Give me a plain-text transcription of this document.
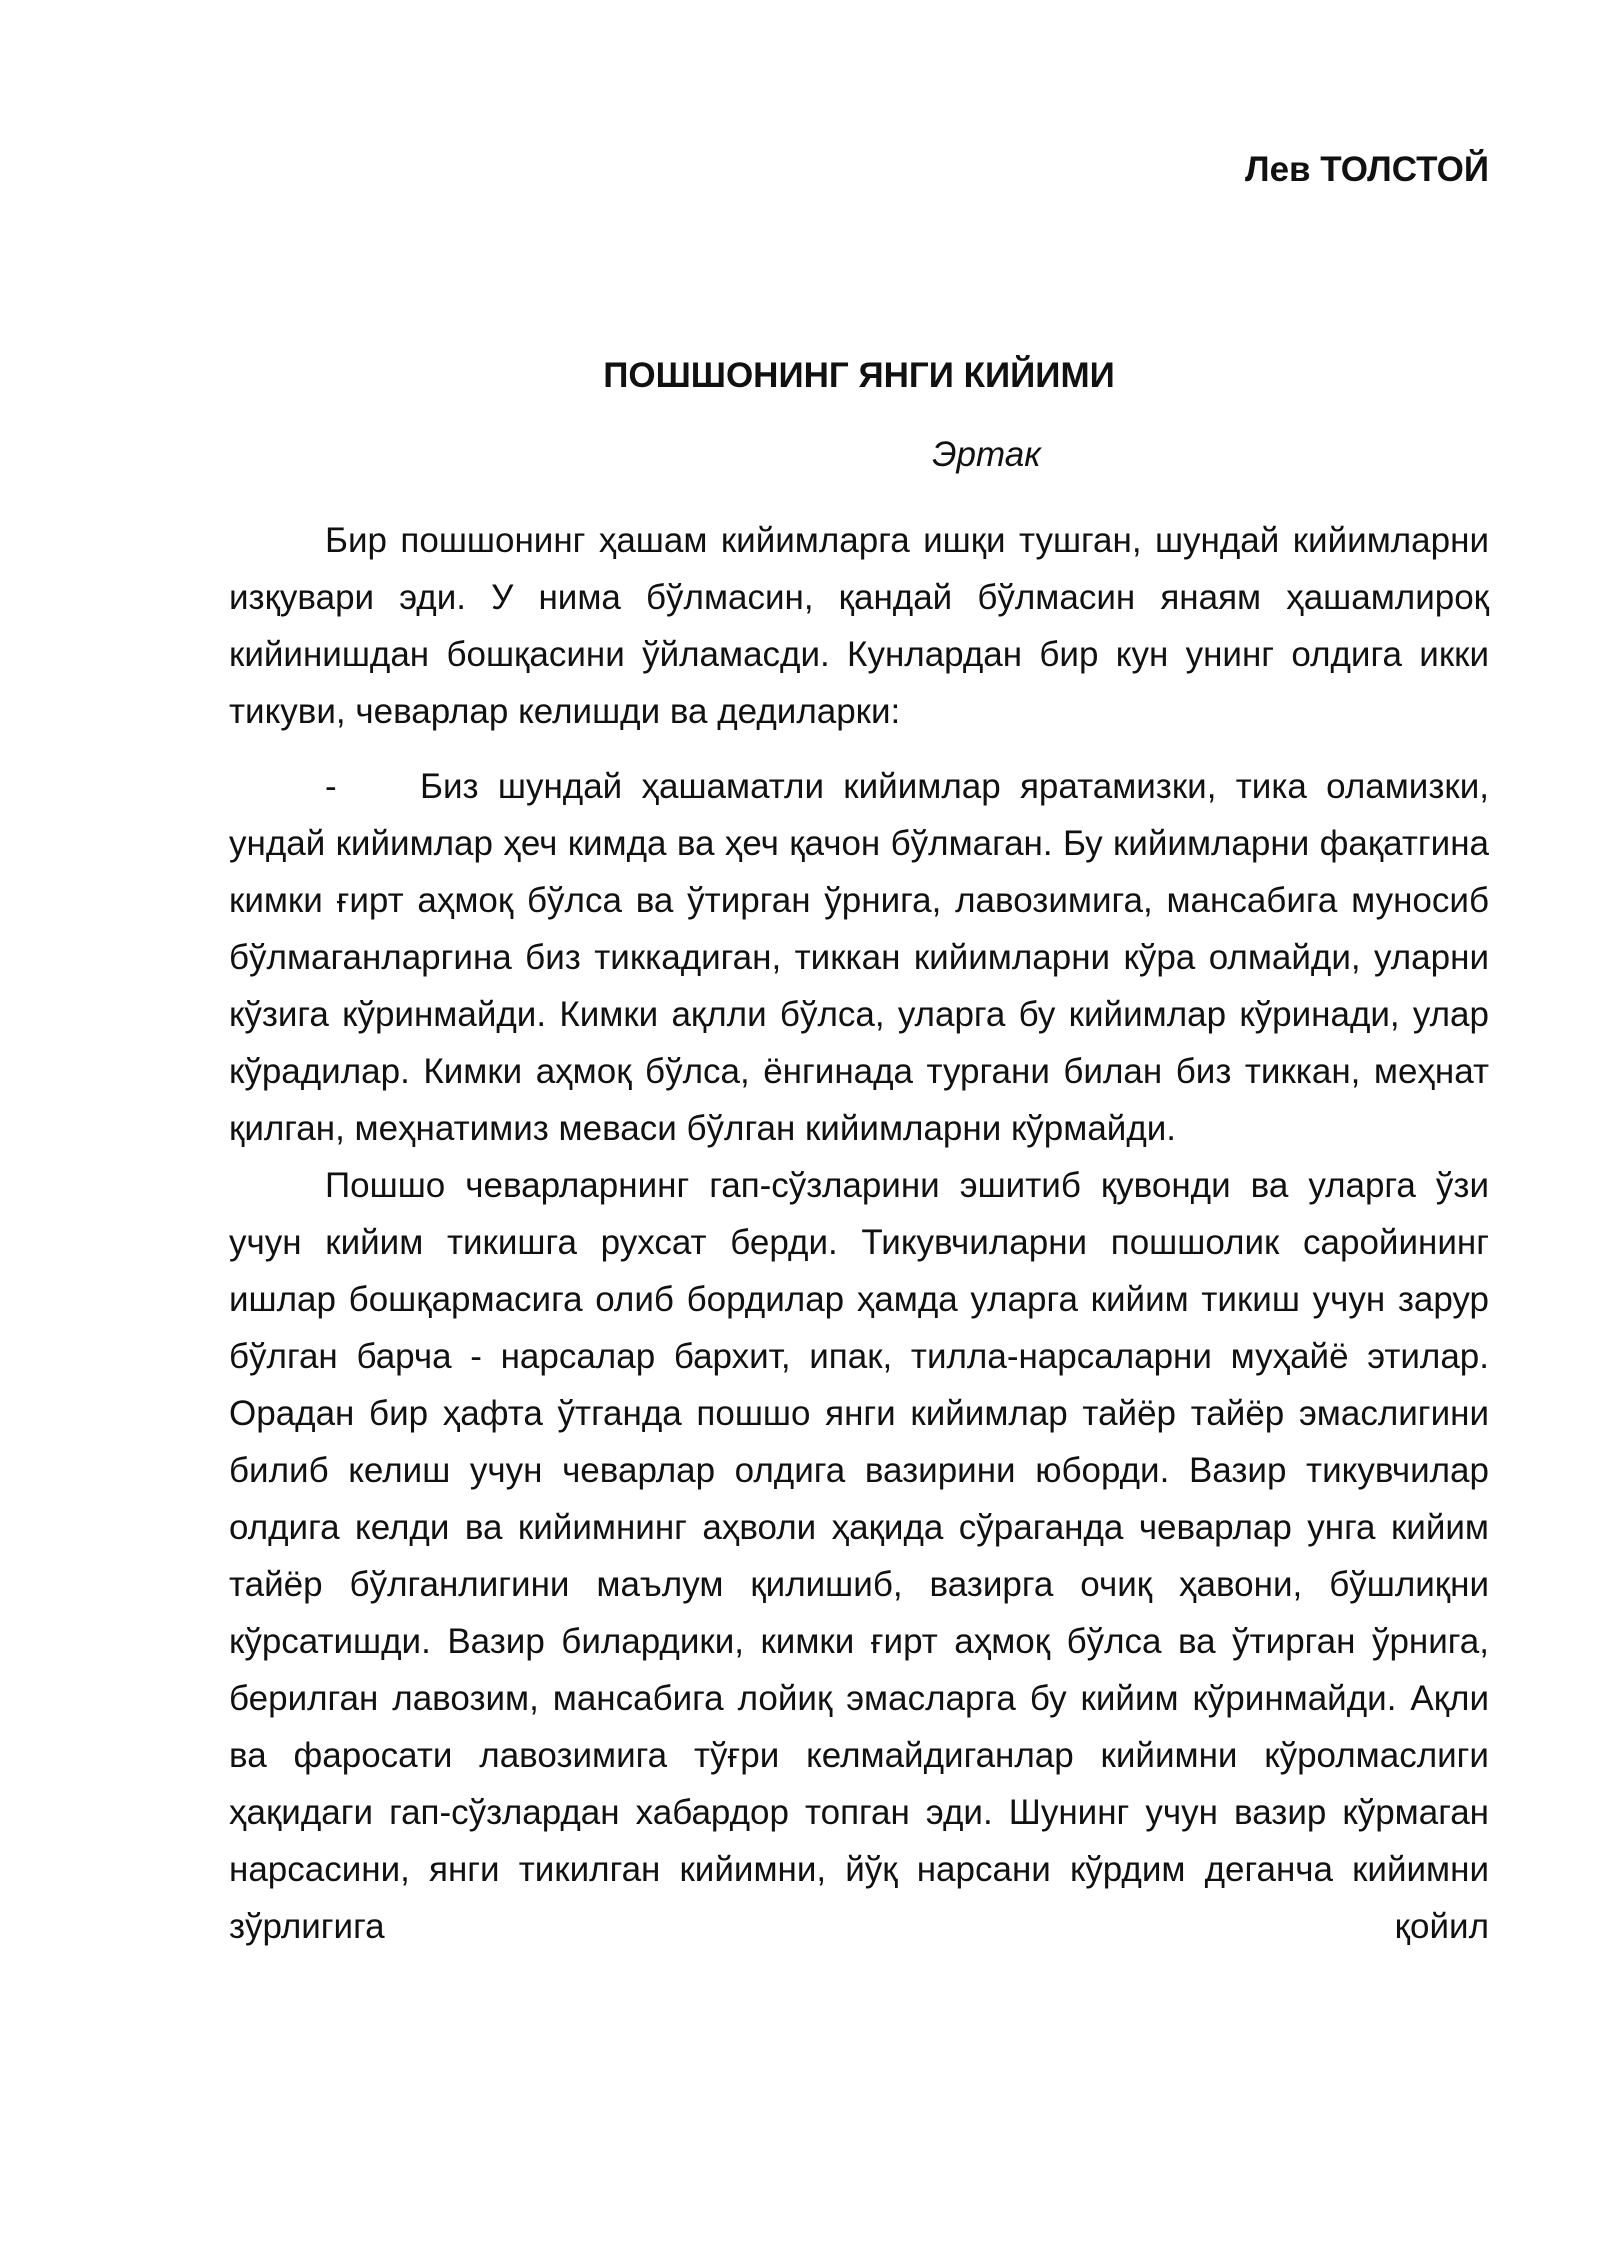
Лев ТОЛСТОЙ
ПОШШОНИНГ ЯНГИ КИЙИМИ
Эртак

Бир пошшонинг ҳашам кийимларга ишқи тушган, шундай кийимларни изқувари эди. У нима бўлмасин, қандай бўлмасин янаям ҳашамлироқ кийинишдан бошқасини ўйламасди. Кунлардан бир кун унинг олдига икки тикуви, чеварлар келишди ва дедиларки:

- Биз шундай ҳашаматли кийимлар яратамизки, тика оламизки, ундай кийимлар ҳеч кимда ва ҳеч қачон бўлмаган. Бу кийимларни фақатгина кимки ғирт аҳмоқ бўлса ва ўтирган ўрнига, лавозимига, мансабига муносиб бўлмаганларгина биз тиккадиган, тиккан кийимларни кўра олмайди, уларни кўзига кўринмайди. Кимки ақлли бўлса, уларга бу кийимлар кўринади, улар кўрадилар. Кимки аҳмоқ бўлса, ёнгинада тургани билан биз тиккан, меҳнат қилган, меҳнатимиз меваси бўлган кийимларни кўрмайди.

Пошшо чеварларнинг гап-сўзларини эшитиб қувонди ва уларга ўзи учун кийим тикишга рухсат берди. Тикувчиларни пошшолик саройининг ишлар бошқармасига олиб бордилар ҳамда уларга кийим тикиш учун зарур бўлган барча - нарсалар бархит, ипак, тилла-нарсаларни муҳайё этилар. Орадан бир ҳафта ўтганда пошшо янги кийимлар тайёр тайёр эмаслигини билиб келиш учун чеварлар олдига вазирини юборди. Вазир тикувчилар олдига келди ва кийимнинг аҳволи ҳақида сўраганда чеварлар унга кийим тайёр бўлганлигини маълум қилишиб, вазирга очиқ ҳавони, бўшлиқни кўрсатишди. Вазир билардики, кимки ғирт аҳмоқ бўлса ва ўтирган ўрнига, берилган лавозим, мансабига лойиқ эмасларга бу кийим кўринмайди. Ақли ва фаросати лавозимига тўғри келмайдиганлар кийимни кўролмаслиги ҳақидаги гап-сўзлардан хабардор топган эди. Шунинг учун вазир кўрмаган нарсасини, янги тикилган кийимни, йўқ нарсани кўрдим деганча кийимни зўрлигига қойил
